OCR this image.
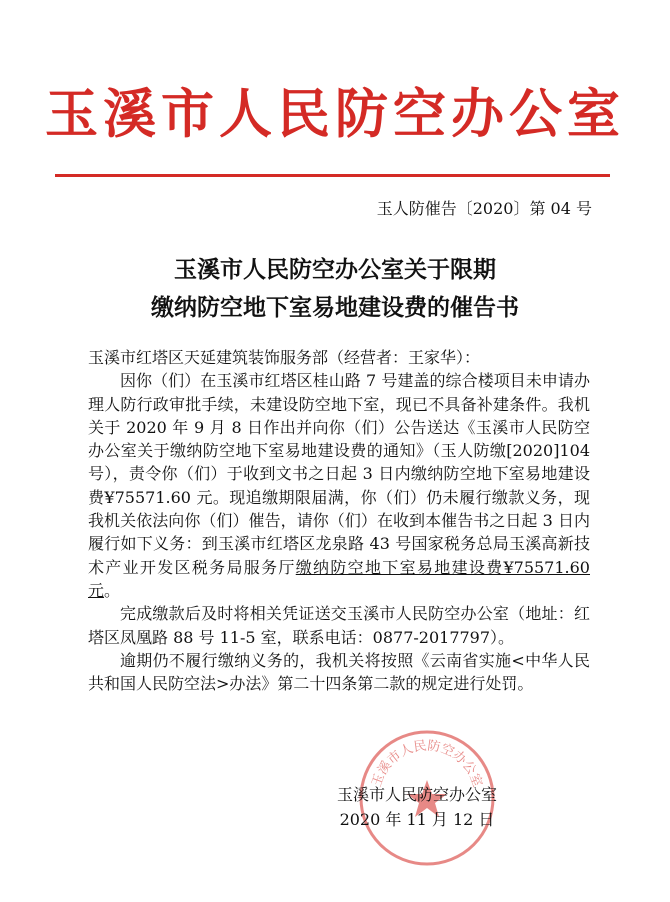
玉溪市人民防空办公室
玉人防催告〔2020〕第 04 号
玉溪市人民防空办公室关于限期
缴纳防空地下室易地建设费的催告书

玉溪市红塔区天延建筑装饰服务部（经营者：王家华）：

因你（们）在玉溪市红塔区桂山路 7 号建盖的综合楼项目未申请办理人防行政审批手续，未建设防空地下室，现已不具备补建条件。我机关于 2020 年 9 月 8 日作出并向你（们）公告送达《玉溪市人民防空办公室关于缴纳防空地下室易地建设费的通知》（玉人防缴[2020]104 号），责令你（们）于收到文书之日起 3 日内缴纳防空地下室易地建设费¥75571.60 元。现追缴期限届满，你（们）仍未履行缴款义务，现我机关依法向你（们）催告，请你（们）在收到本催告书之日起 3 日内履行如下义务：到玉溪市红塔区龙泉路 43 号国家税务总局玉溪高新技术产业开发区税务局服务厅缴纳防空地下室易地建设费¥75571.60 元。

完成缴款后及时将相关凭证送交玉溪市人民防空办公室（地址：红塔区凤凰路 88 号 11-5 室，联系电话：0877-2017797）。

逾期仍不履行缴纳义务的，我机关将按照《云南省实施<中华人民共和国人民防空法>办法》第二十四条第二款的规定进行处罚。

玉溪市人民防空办公室
玉溪市人民防空办公室
2020 年 11 月 12 日
